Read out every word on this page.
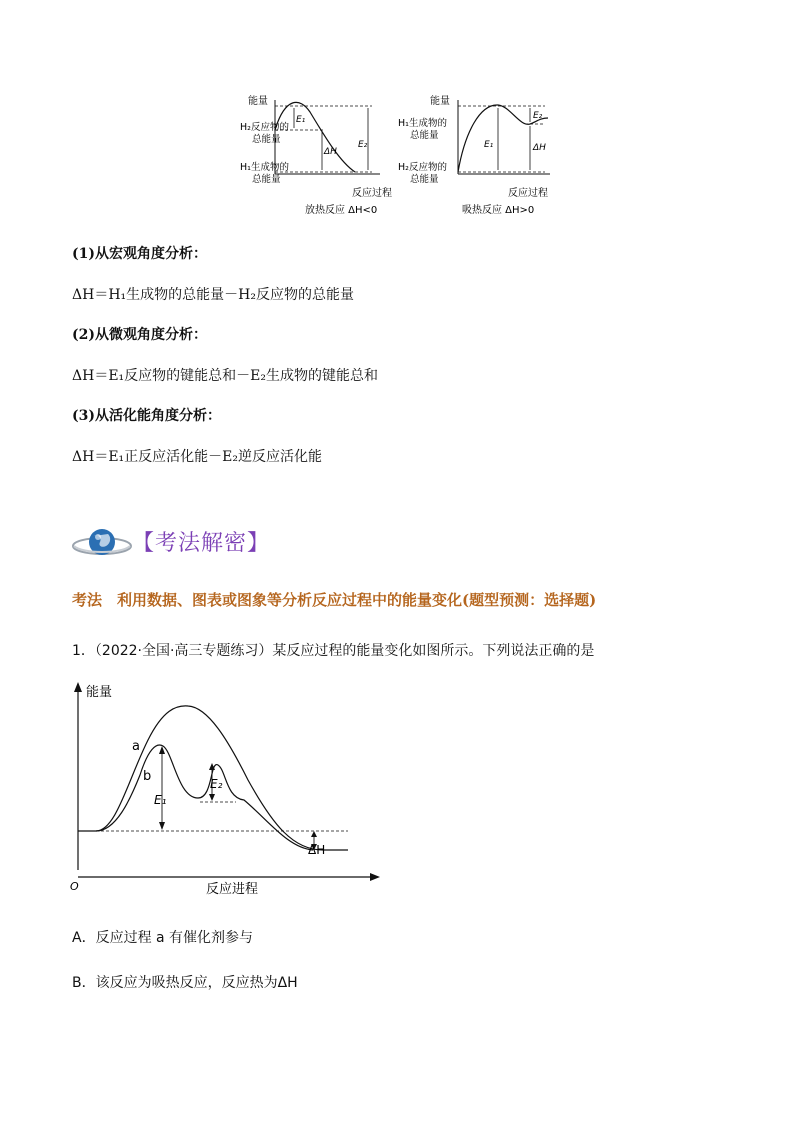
能量
H₂反应物的
总能量
H₁生成物的
总能量
E₁
ΔH
E₂
反应过程
放热反应 ΔH<0
能量
H₁生成物的
总能量
H₂反应物的
总能量
E₁
E₂
ΔH
反应过程
吸热反应 ΔH>0
(1)从宏观角度分析：
ΔH＝H₁生成物的总能量－H₂反应物的总能量
(2)从微观角度分析：
ΔH＝E₁反应物的键能总和－E₂生成物的键能总和
(3)从活化能角度分析：
ΔH＝E₁正反应活化能－E₂逆反应活化能
【考法解密】
考法　利用数据、图表或图象等分析反应过程中的能量变化(题型预测：选择题)
1．（2022·全国·高三专题练习）某反应过程的能量变化如图所示。下列说法正确的是
能量
a
b
E₁
E₂
ΔH
O	反应进程
A．反应过程 a 有催化剂参与
B．该反应为吸热反应，反应热为ΔH
